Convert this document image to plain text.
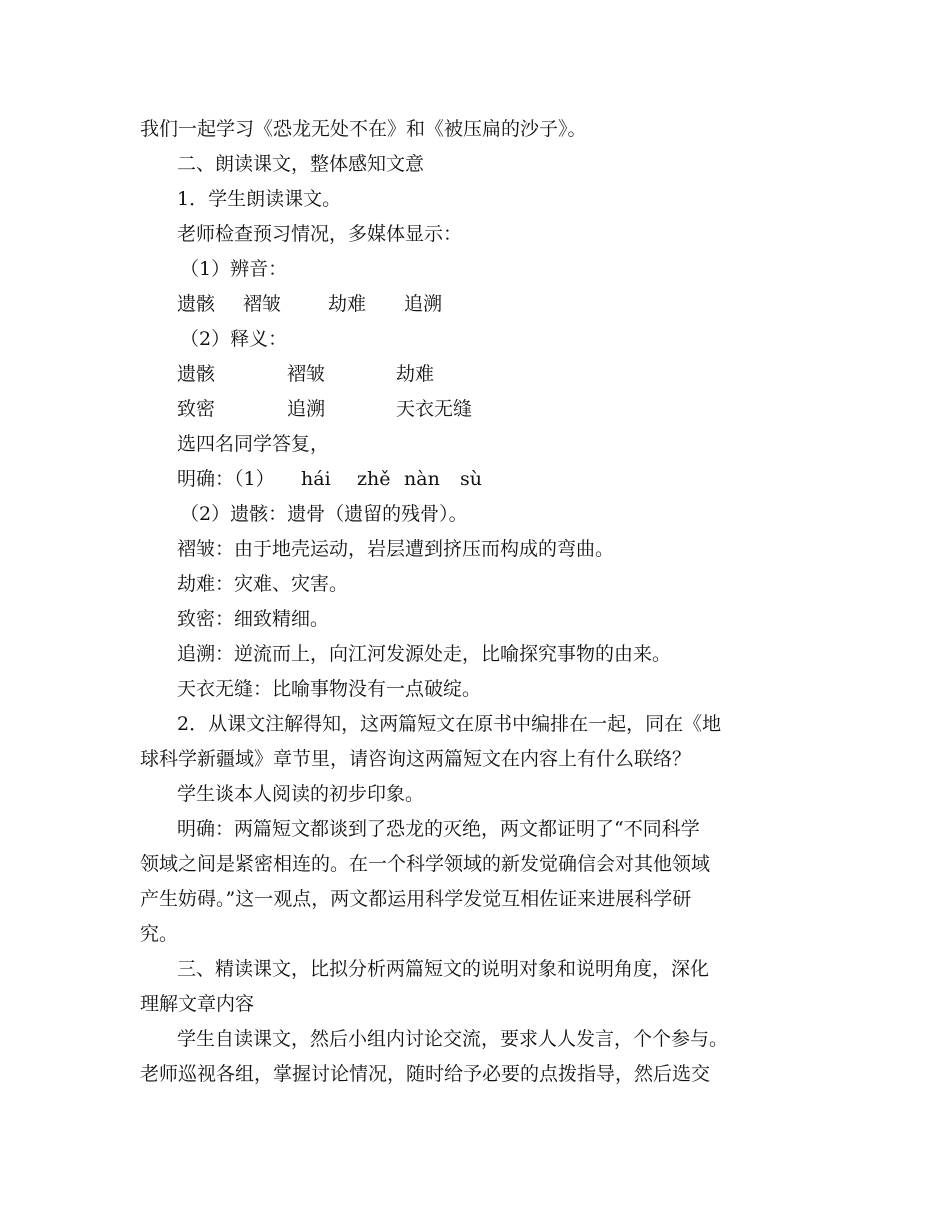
我们一起学习《恐龙无处不在》和《被压扁的沙子》。
二、朗读课文，整体感知文意
1．学生朗读课文。
老师检查预习情况，多媒体显示：
（1）辨音：
遗骸 褶皱 劫难 追溯
（2）释义：
遗骸	褶皱	劫难
致密	追溯	天衣无缝
选四名同学答复，
明确：（1） hái zhě nàn sù
（2）遗骸：遗骨（遗留的残骨）。
褶皱：由于地壳运动，岩层遭到挤压而构成的弯曲。
劫难：灾难、灾害。
致密：细致精细。
追溯：逆流而上，向江河发源处走，比喻探究事物的由来。
天衣无缝：比喻事物没有一点破绽。
2．从课文注解得知，这两篇短文在原书中编排在一起，同在《地
球科学新疆域》章节里，请咨询这两篇短文在内容上有什么联络？
学生谈本人阅读的初步印象。
明确：两篇短文都谈到了恐龙的灭绝，两文都证明了“不同科学
领域之间是紧密相连的。在一个科学领域的新发觉确信会对其他领域
产生妨碍。”这一观点，两文都运用科学发觉互相佐证来进展科学研
究。
三、精读课文，比拟分析两篇短文的说明对象和说明角度，深化
理解文章内容
学生自读课文，然后小组内讨论交流，要求人人发言，个个参与。
老师巡视各组，掌握讨论情况，随时给予必要的点拨指导，然后选交
